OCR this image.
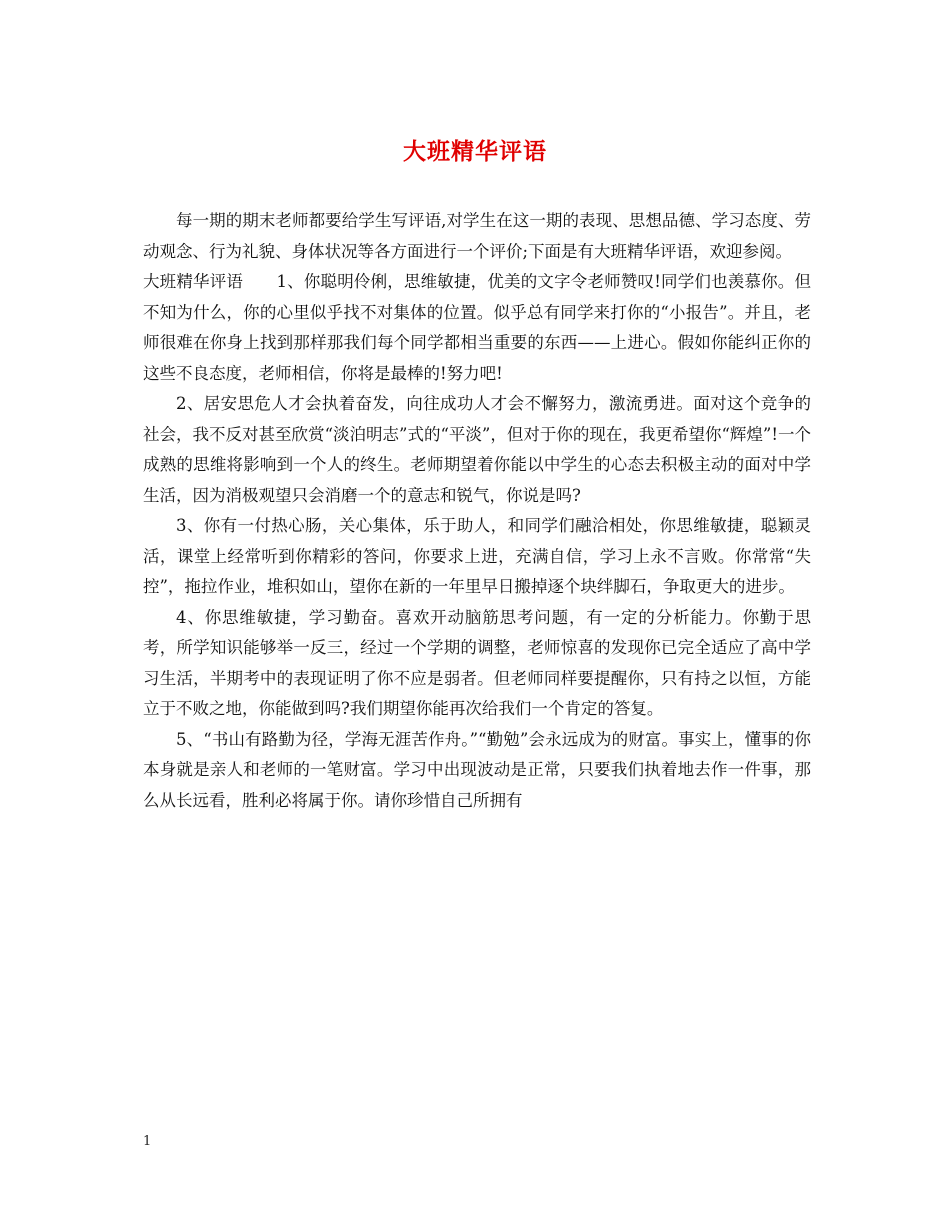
大班精华评语

每一期的期末老师都要给学生写评语,对学生在这一期的表现、思想品德、学习态度、劳动观念、行为礼貌、身体状况等各方面进行一个评价;下面是有大班精华评语，欢迎参阅。

大班精华评语　　1、你聪明伶俐，思维敏捷，优美的文字令老师赞叹!同学们也羡慕你。但不知为什么，你的心里似乎找不对集体的位置。似乎总有同学来打你的“小报告”。并且，老师很难在你身上找到那样那我们每个同学都相当重要的东西——上进心。假如你能纠正你的这些不良态度，老师相信，你将是最棒的!努力吧!

2、居安思危人才会执着奋发，向往成功人才会不懈努力，激流勇进。面对这个竞争的社会，我不反对甚至欣赏“淡泊明志”式的“平淡”，但对于你的现在，我更希望你“辉煌”!一个成熟的思维将影响到一个人的终生。老师期望着你能以中学生的心态去积极主动的面对中学生活，因为消极观望只会消磨一个的意志和锐气，你说是吗?

3、你有一付热心肠，关心集体，乐于助人，和同学们融洽相处，你思维敏捷，聪颖灵活，课堂上经常听到你精彩的答问，你要求上进，充满自信，学习上永不言败。你常常“失控”，拖拉作业，堆积如山，望你在新的一年里早日搬掉逐个块绊脚石，争取更大的进步。

4、你思维敏捷，学习勤奋。喜欢开动脑筋思考问题，有一定的分析能力。你勤于思考，所学知识能够举一反三，经过一个学期的调整，老师惊喜的发现你已完全适应了高中学习生活，半期考中的表现证明了你不应是弱者。但老师同样要提醒你，只有持之以恒，方能立于不败之地，你能做到吗?我们期望你能再次给我们一个肯定的答复。

5、“书山有路勤为径，学海无涯苦作舟。”“勤勉”会永远成为的财富。事实上，懂事的你本身就是亲人和老师的一笔财富。学习中出现波动是正常，只要我们执着地去作一件事，那么从长远看，胜利必将属于你。请你珍惜自己所拥有

1
